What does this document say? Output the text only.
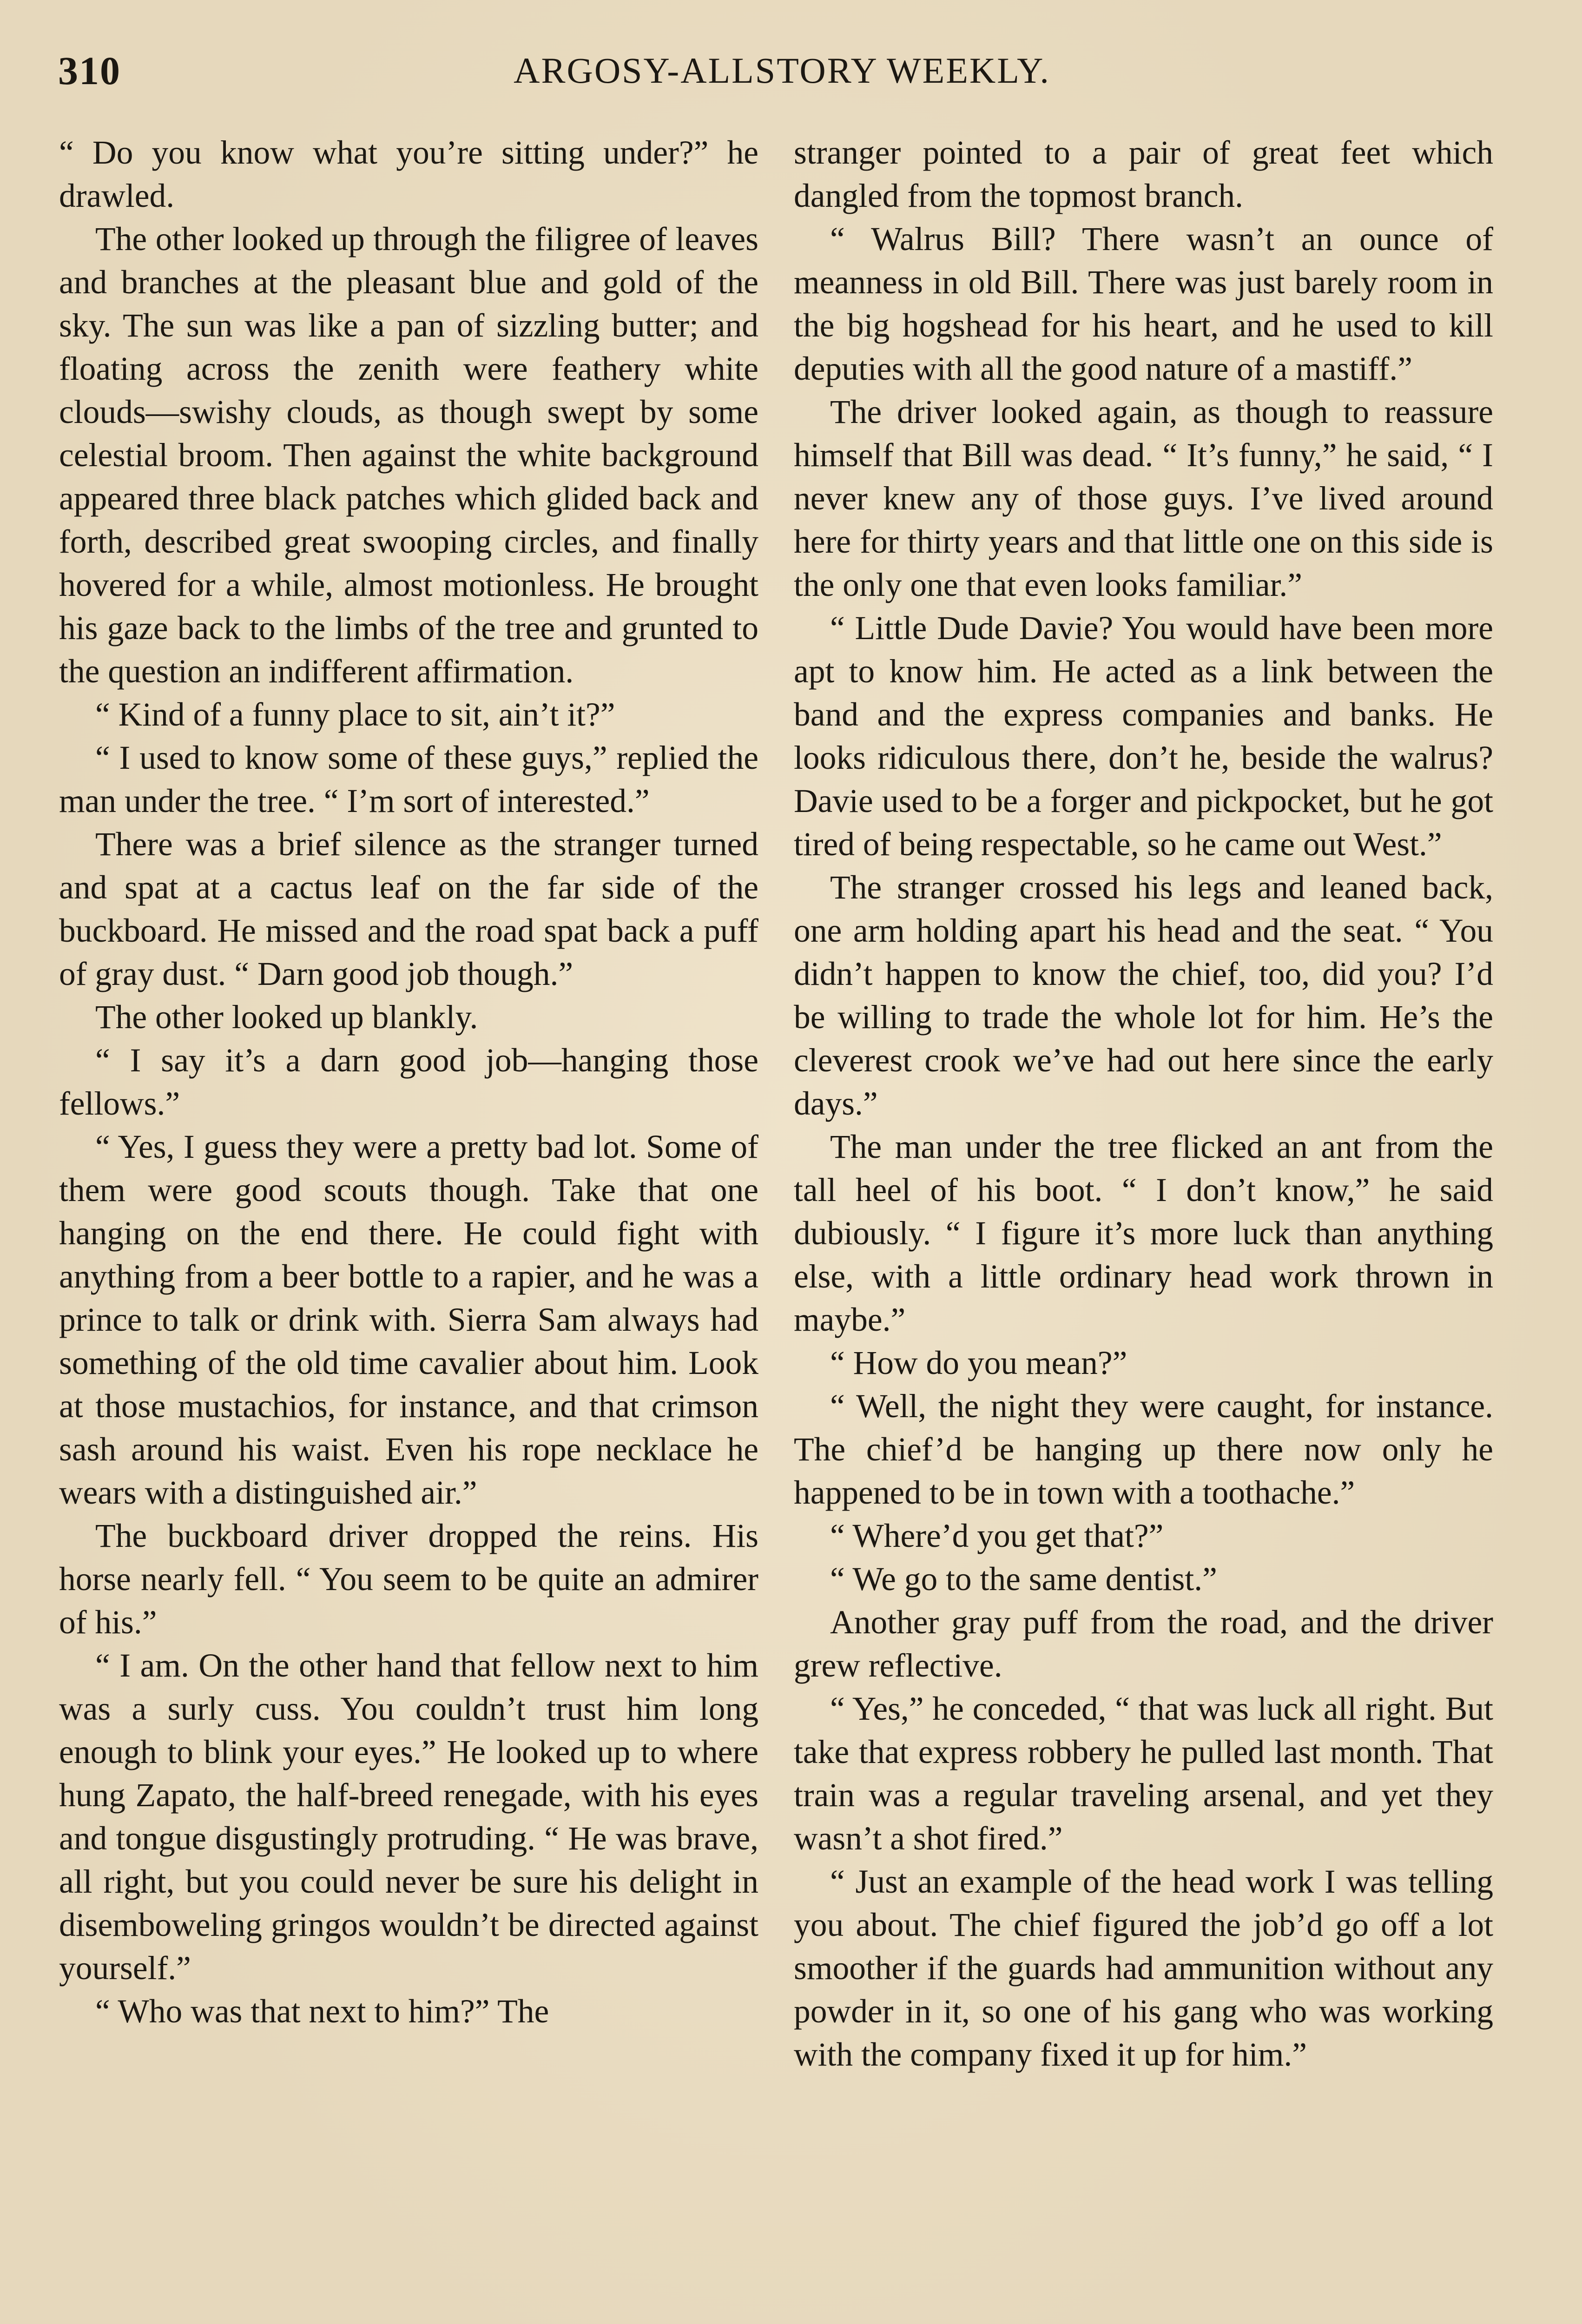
310	ARGOSY-ALLSTORY WEEKLY.

“ Do you know what you’re sitting under?” he drawled.

The other looked up through the filigree of leaves and branches at the pleasant blue and gold of the sky. The sun was like a pan of sizzling butter; and floating across the zenith were feathery white clouds—swishy clouds, as though swept by some celestial broom. Then against the white background appeared three black patches which glided back and forth, described great swooping circles, and finally hovered for a while, almost motionless. He brought his gaze back to the limbs of the tree and grunted to the question an indifferent affirmation.

“ Kind of a funny place to sit, ain’t it?”

“ I used to know some of these guys,” replied the man under the tree. “ I’m sort of interested.”

There was a brief silence as the stranger turned and spat at a cactus leaf on the far side of the buckboard. He missed and the road spat back a puff of gray dust. “ Darn good job though.”

The other looked up blankly.

“ I say it’s a darn good job—hanging those fellows.”

“ Yes, I guess they were a pretty bad lot. Some of them were good scouts though. Take that one hanging on the end there. He could fight with anything from a beer bottle to a rapier, and he was a prince to talk or drink with. Sierra Sam always had something of the old time cavalier about him. Look at those mustachios, for instance, and that crimson sash around his waist. Even his rope necklace he wears with a distinguished air.”

The buckboard driver dropped the reins. His horse nearly fell. “ You seem to be quite an admirer of his.”

“ I am. On the other hand that fellow next to him was a surly cuss. You couldn’t trust him long enough to blink your eyes.” He looked up to where hung Zapato, the half-breed renegade, with his eyes and tongue disgustingly protruding. “ He was brave, all right, but you could never be sure his delight in disemboweling gringos wouldn’t be directed against yourself.”

“ Who was that next to him?” The

stranger pointed to a pair of great feet which dangled from the topmost branch.

“ Walrus Bill? There wasn’t an ounce of meanness in old Bill. There was just barely room in the big hogshead for his heart, and he used to kill deputies with all the good nature of a mastiff.”

The driver looked again, as though to reassure himself that Bill was dead. “ It’s funny,” he said, “ I never knew any of those guys. I’ve lived around here for thirty years and that little one on this side is the only one that even looks familiar.”

“ Little Dude Davie? You would have been more apt to know him. He acted as a link between the band and the express companies and banks. He looks ridiculous there, don’t he, beside the walrus? Davie used to be a forger and pickpocket, but he got tired of being respectable, so he came out West.”

The stranger crossed his legs and leaned back, one arm holding apart his head and the seat. “ You didn’t happen to know the chief, too, did you? I’d be willing to trade the whole lot for him. He’s the cleverest crook we’ve had out here since the early days.”

The man under the tree flicked an ant from the tall heel of his boot. “ I don’t know,” he said dubiously. “ I figure it’s more luck than anything else, with a little ordinary head work thrown in maybe.”

“ How do you mean?”

“ Well, the night they were caught, for instance. The chief’d be hanging up there now only he happened to be in town with a toothache.”

“ Where’d you get that?”

“ We go to the same dentist.”

Another gray puff from the road, and the driver grew reflective.

“ Yes,” he conceded, “ that was luck all right. But take that express robbery he pulled last month. That train was a regular traveling arsenal, and yet they wasn’t a shot fired.”

“ Just an example of the head work I was telling you about. The chief figured the job’d go off a lot smoother if the guards had ammunition without any powder in it, so one of his gang who was working with the company fixed it up for him.”
